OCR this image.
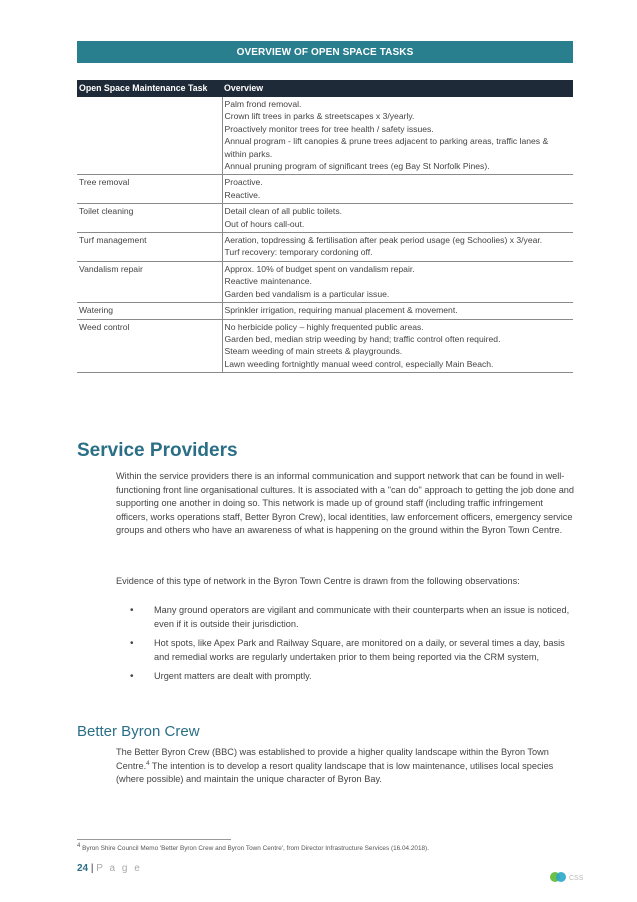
OVERVIEW OF OPEN SPACE TASKS
Open Space Maintenance Task	Overview

	Palm frond removal.
Crown lift trees in parks & streetscapes x 3/yearly.
Proactively monitor trees for tree health / safety issues.
Annual program - lift canopies & prune trees adjacent to parking areas, traffic lanes & within parks.
Annual pruning program of significant trees (eg Bay St Norfolk Pines).

Tree removal	Proactive.
Reactive.

Toilet cleaning	Detail clean of all public toilets.
Out of hours call-out.

Turf management	Aeration, topdressing & fertilisation after peak period usage (eg Schoolies) x 3/year.
Turf recovery: temporary cordoning off.

Vandalism repair	Approx. 10% of budget spent on vandalism repair.
Reactive maintenance.
Garden bed vandalism is a particular issue.

Watering	Sprinkler irrigation, requiring manual placement & movement.

Weed control	No herbicide policy – highly frequented public areas.
Garden bed, median strip weeding by hand; traffic control often required.
Steam weeding of main streets & playgrounds.
Lawn weeding fortnightly manual weed control, especially Main Beach.
Service Providers

Within the service providers there is an informal communication and support network that can be found in well-functioning front line organisational cultures. It is associated with a "can do" approach to getting the job done and supporting one another in doing so. This network is made up of ground staff (including traffic infringement officers, works operations staff, Better Byron Crew), local identities, law enforcement officers, emergency service groups and others who have an awareness of what is happening on the ground within the Byron Town Centre.

Evidence of this type of network in the Byron Town Centre is drawn from the following observations:

• Many ground operators are vigilant and communicate with their counterparts when an issue is noticed, even if it is outside their jurisdiction.
• Hot spots, like Apex Park and Railway Square, are monitored on a daily, or several times a day, basis and remedial works are regularly undertaken prior to them being reported via the CRM system,
• Urgent matters are dealt with promptly.
Better Byron Crew

The Better Byron Crew (BBC) was established to provide a higher quality landscape within the Byron Town Centre.$^4$ The intention is to develop a resort quality landscape that is low maintenance, utilises local species (where possible) and maintain the unique character of Byron Bay.

$^4$ Byron Shire Council Memo 'Better Byron Crew and Byron Town Centre', from Director Infrastructure Services (16.04.2018).
24 | P a g e
CSS
